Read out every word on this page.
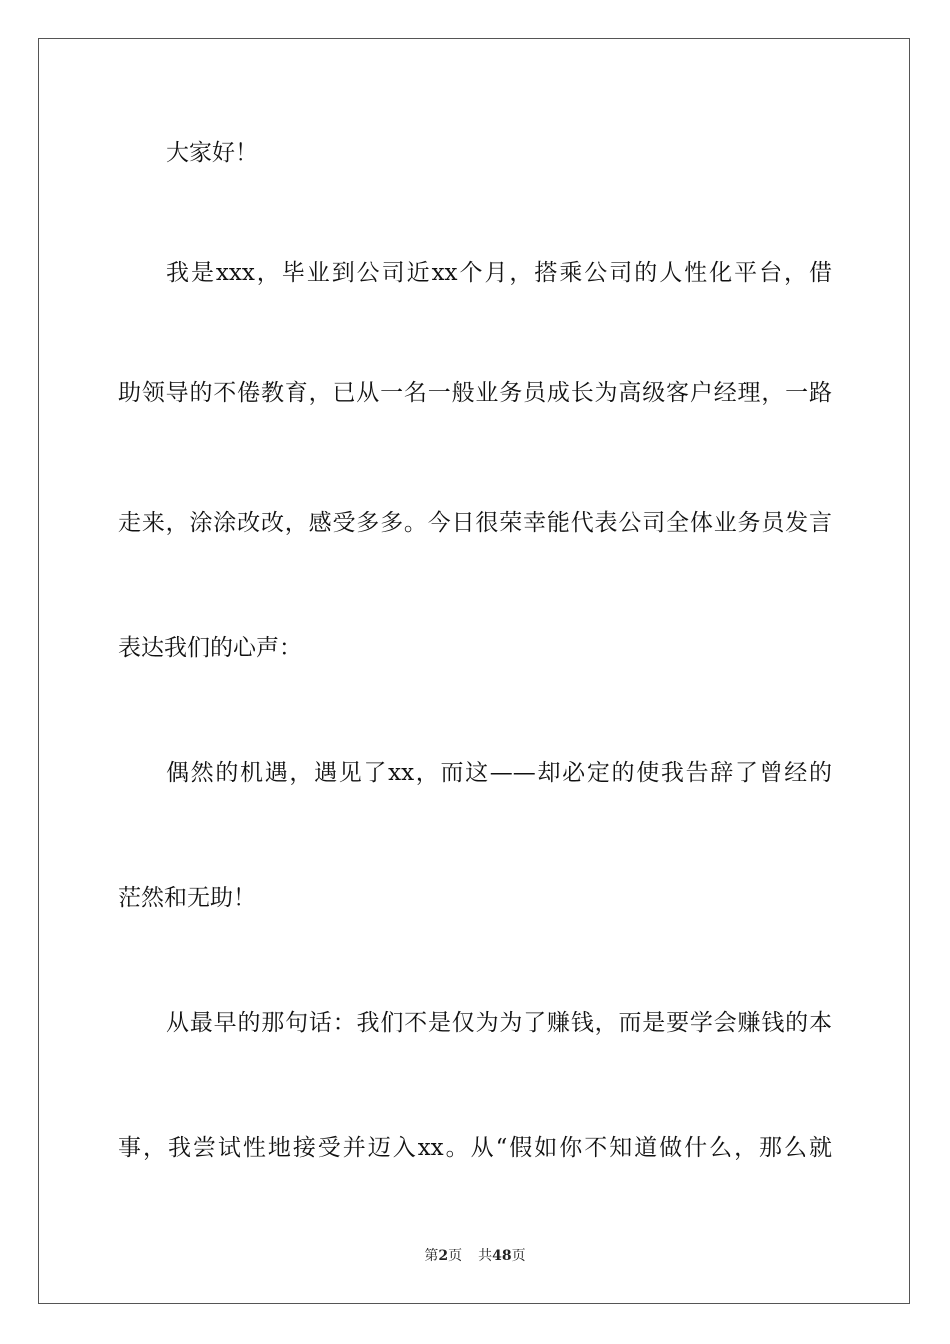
大家好！
我是xxx，毕业到公司近xx个月，搭乘公司的人性化平台，借
助领导的不倦教育，已从一名一般业务员成长为高级客户经理，一路
走来，涂涂改改，感受多多。今日很荣幸能代表公司全体业务员发言
表达我们的心声：
偶然的机遇，遇见了xx，而这——却必定的使我告辞了曾经的
茫然和无助！
从最早的那句话：我们不是仅为为了赚钱，而是要学会赚钱的本
事，我尝试性地接受并迈入xx。从“假如你不知道做什么，那么就
第2页 共48页
